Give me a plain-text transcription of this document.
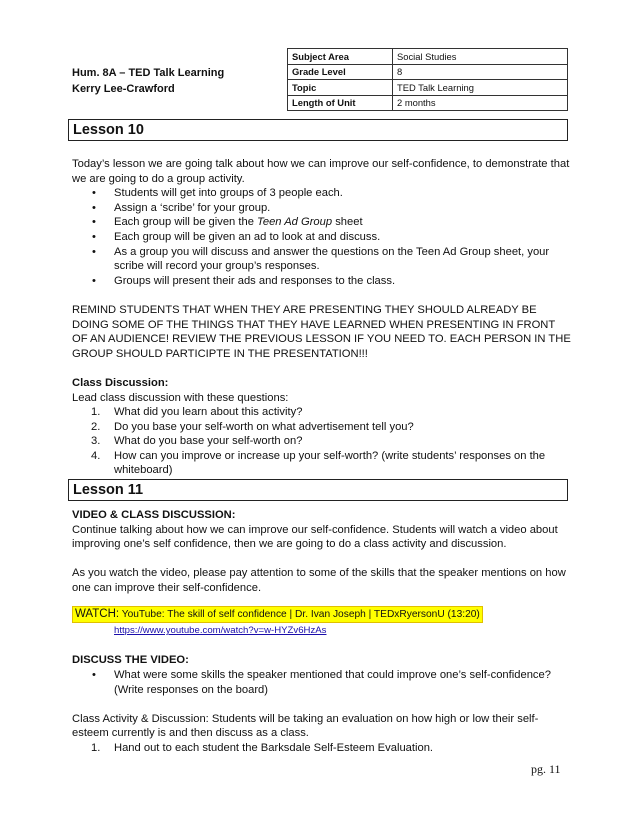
Hum. 8A – TED Talk Learning
Kerry Lee-Crawford
Subject Area	Social Studies
Grade Level	8
Topic	TED Talk Learning
Length of Unit	2 months
Lesson 10

Today’s lesson we are going talk about how we can improve our self-confidence, to demonstrate that we are going to do a group activity.

• Students will get into groups of 3 people each.
• Assign a ‘scribe’ for your group.
• Each group will be given the Teen Ad Group sheet
• Each group will be given an ad to look at and discuss.
• As a group you will discuss and answer the questions on the Teen Ad Group sheet, your scribe will record your group’s responses.
• Groups will present their ads and responses to the class.

REMIND STUDENTS THAT WHEN THEY ARE PRESENTING THEY SHOULD ALREADY BE DOING SOME OF THE THINGS THAT THEY HAVE LEARNED WHEN PRESENTING IN FRONT OF AN AUDIENCE! REVIEW THE PREVIOUS LESSON IF YOU NEED TO. EACH PERSON IN THE GROUP SHOULD PARTICIPTE IN THE PRESENTATION!!!

Class Discussion:

Lead class discussion with these questions:

1. What did you learn about this activity?
2. Do you base your self-worth on what advertisement tell you?
3. What do you base your self-worth on?
4. How can you improve or increase up your self-worth? (write students’ responses on the whiteboard)
Lesson 11

VIDEO & CLASS DISCUSSION:

Continue talking about how we can improve our self-confidence. Students will watch a video about improving one’s self confidence, then we are going to do a class activity and discussion.

As you watch the video, please pay attention to some of the skills that the speaker mentions on how one can improve their self-confidence.

WATCH: YouTube: The skill of self confidence | Dr. Ivan Joseph | TEDxRyersonU (13:20)
https://www.youtube.com/watch?v=w-HYZv6HzAs

DISCUSS THE VIDEO:

• What were some skills the speaker mentioned that could improve one’s self-confidence? (Write responses on the board)

Class Activity & Discussion: Students will be taking an evaluation on how high or low their self-esteem currently is and then discuss as a class.

1. Hand out to each student the Barksdale Self-Esteem Evaluation.
pg. 11
